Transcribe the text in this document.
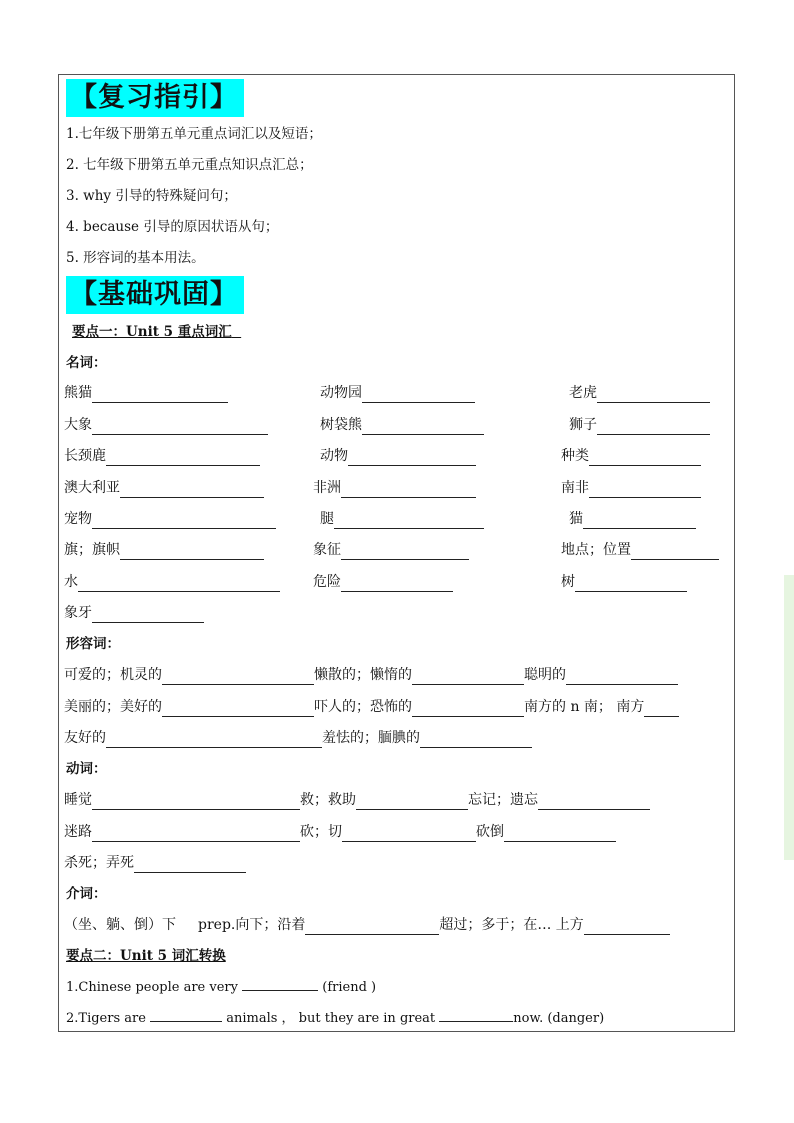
【复习指引】
1.七年级下册第五单元重点词汇以及短语；
2. 七年级下册第五单元重点知识点汇总；
3. why 引导的特殊疑问句；
4. because 引导的原因状语从句；
5. 形容词的基本用法。
【基础巩固】
要点一：Unit 5 重点词汇
名词：
熊猫	动物园	老虎
大象	树袋熊	狮子
长颈鹿	动物	种类
澳大利亚	非洲	南非
宠物	腿	猫
旗；旗帜	象征	地点；位置
水	危险	树
象牙
形容词：
可爱的；机灵的	懒散的；懒惰的	聪明的
美丽的；美好的	吓人的；恐怖的	南方的 n 南； 南方
友好的	羞怯的；腼腆的
动词：
睡觉	救；救助	忘记；遗忘
迷路	砍；切	砍倒
杀死；弄死
介词：
（坐、躺、倒）下 prep.向下；沿着	超过；多于；在… 上方
要点二：Unit 5 词汇转换
1.Chinese people are very	(friend )
2.Tigers are	animals ， but they are in great	now. (danger)
